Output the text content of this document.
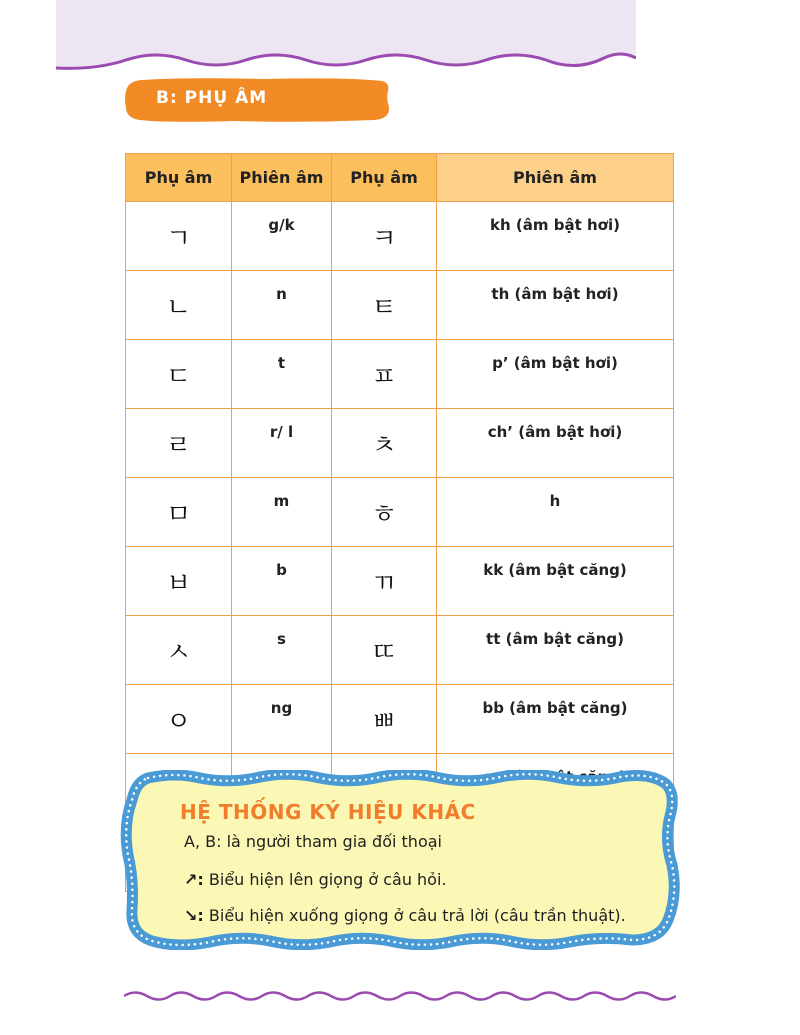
B: PHỤ ÂM
Phụ âm	Phiên âm	Phụ âm	Phiên âm
ㄱ	g/k	ㅋ	kh (âm bật hơi)
ㄴ	n	ㅌ	th (âm bật hơi)
ㄷ	t	ㅍ	p’ (âm bật hơi)
ㄹ	r/ l	ㅊ	ch’ (âm bật hơi)
ㅁ	m	ㅎ	h
ㅂ	b	ㄲ	kk (âm bật căng)
ㅅ	s	ㄸ	tt (âm bật căng)
ㅇ	ng	ㅃ	bb (âm bật căng)

HỆ THỐNG KÝ HIỆU KHÁC
A, B: là người tham gia đối thoại
↗: Biểu hiện lên giọng ở câu hỏi.
↘: Biểu hiện xuống giọng ở câu trả lời (câu trần thuật).
